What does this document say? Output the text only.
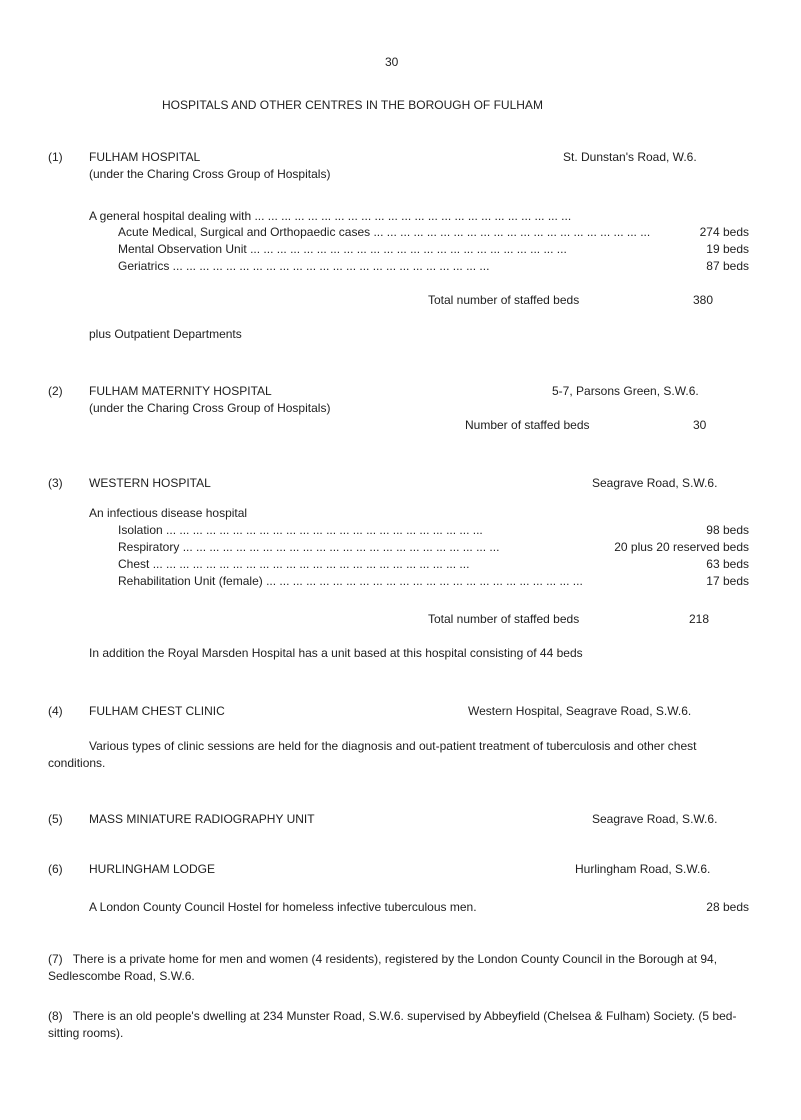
30
HOSPITALS AND OTHER CENTRES IN THE BOROUGH OF FULHAM
(1) FULHAM HOSPITAL	St. Dunstan's Road, W.6.
(under the Charing Cross Group of Hospitals)
A general hospital dealing with ... .
Acute Medical, Surgical and Orthopaedic cases ... .	274 beds
Mental Observation Unit ... .	19 beds
Geriatrics ... .	87 beds
Total number of staffed beds	380
plus Outpatient Departments
(2) FULHAM MATERNITY HOSPITAL	5-7, Parsons Green, S.W.6.
(under the Charing Cross Group of Hospitals)
Number of staffed beds	30
(3) WESTERN HOSPITAL	Seagrave Road, S.W.6.
An infectious disease hospital
Isolation ... .	98 beds
Respiratory ... .	20 plus 20 reserved beds
Chest ... .	63 beds
Rehabilitation Unit (female) ... .	17 beds
Total number of staffed beds	218
In addition the Royal Marsden Hospital has a unit based at this hospital consisting of 44 beds
(4) FULHAM CHEST CLINIC	Western Hospital, Seagrave Road, S.W.6.
Various types of clinic sessions are held for the diagnosis and out-patient treatment of tuberculosis and other chest conditions.
(5) MASS MINIATURE RADIOGRAPHY UNIT	Seagrave Road, S.W.6.
(6) HURLINGHAM LODGE	Hurlingham Road, S.W.6.
A London County Council Hostel for homeless infective tuberculous men.	28 beds
(7) There is a private home for men and women (4 residents), registered by the London County Council in the Borough at 94, Sedlescombe Road, S.W.6.
(8) There is an old people's dwelling at 234 Munster Road, S.W.6. supervised by Abbeyfield (Chelsea & Fulham) Society. (5 bed-sitting rooms).
